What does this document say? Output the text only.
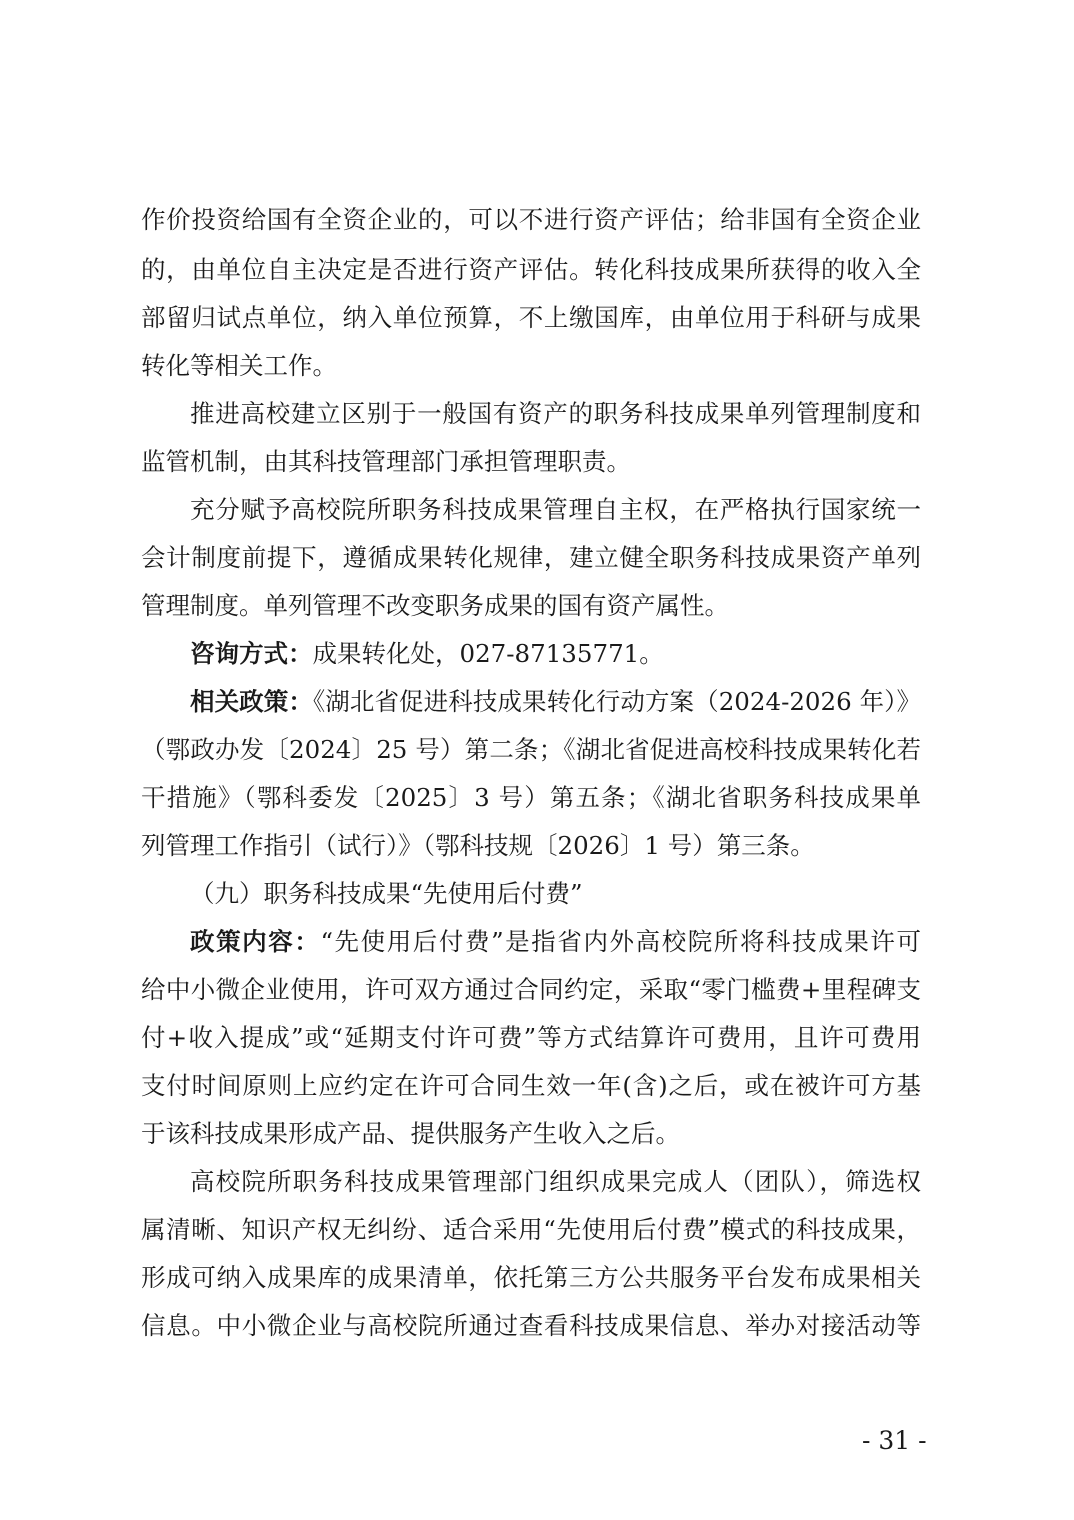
作价投资给国有全资企业的，可以不进行资产评估；给非国有全资企业
的，由单位自主决定是否进行资产评估。转化科技成果所获得的收入全
部留归试点单位，纳入单位预算，不上缴国库，由单位用于科研与成果
转化等相关工作。
推进高校建立区别于一般国有资产的职务科技成果单列管理制度和
监管机制，由其科技管理部门承担管理职责。
充分赋予高校院所职务科技成果管理自主权，在严格执行国家统一
会计制度前提下，遵循成果转化规律，建立健全职务科技成果资产单列
管理制度。单列管理不改变职务成果的国有资产属性。
咨询方式：成果转化处，027-87135771。
相关政策：《湖北省促进科技成果转化行动方案（2024-2026 年）》
（鄂政办发〔2024〕25 号）第二条；《湖北省促进高校科技成果转化若
干措施》（鄂科委发〔2025〕3 号）第五条；《湖北省职务科技成果单
列管理工作指引（试行）》（鄂科技规〔2026〕1 号）第三条。
（九）职务科技成果“先使用后付费”
政策内容：“先使用后付费”是指省内外高校院所将科技成果许可
给中小微企业使用，许可双方通过合同约定，采取“零门槛费+里程碑支
付+收入提成”或“延期支付许可费”等方式结算许可费用，且许可费用
支付时间原则上应约定在许可合同生效一年(含)之后，或在被许可方基
于该科技成果形成产品、提供服务产生收入之后。
高校院所职务科技成果管理部门组织成果完成人（团队），筛选权
属清晰、知识产权无纠纷、适合采用“先使用后付费”模式的科技成果，
形成可纳入成果库的成果清单，依托第三方公共服务平台发布成果相关
信息。中小微企业与高校院所通过查看科技成果信息、举办对接活动等
- 31 -
